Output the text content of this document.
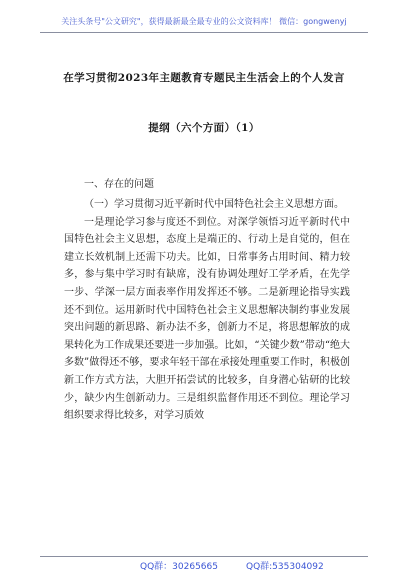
关注头条号"公文研究"，获得最新最全最专业的公文资料库！ 微信：gongwenyj
在学习贯彻2023年主题教育专题民主生活会上的个人发言
提纲（六个方面）（1）
一、存在的问题

（一）学习贯彻习近平新时代中国特色社会主义思想方面。

一是理论学习参与度还不到位。对深学领悟习近平新时代中国特色社会主义思想，态度上是端正的、行动上是自觉的，但在建立长效机制上还需下功夫。比如，日常事务占用时间、精力较多，参与集中学习时有缺席，没有协调处理好工学矛盾，在先学一步、学深一层方面表率作用发挥还不够。二是新理论指导实践还不到位。运用新时代中国特色社会主义思想解决制约事业发展突出问题的新思路、新办法不多，创新力不足，将思想解放的成果转化为工作成果还要进一步加强。比如，“关键少数”带动“绝大多数”做得还不够，要求年轻干部在承接处理重要工作时，积极创新工作方式方法，大胆开拓尝试的比较多，自身潜心钻研的比较少，缺少内生创新动力。三是组织监督作用还不到位。理论学习组织要求得比较多，对学习质效

QQ群：30265665	QQ群:535304092
